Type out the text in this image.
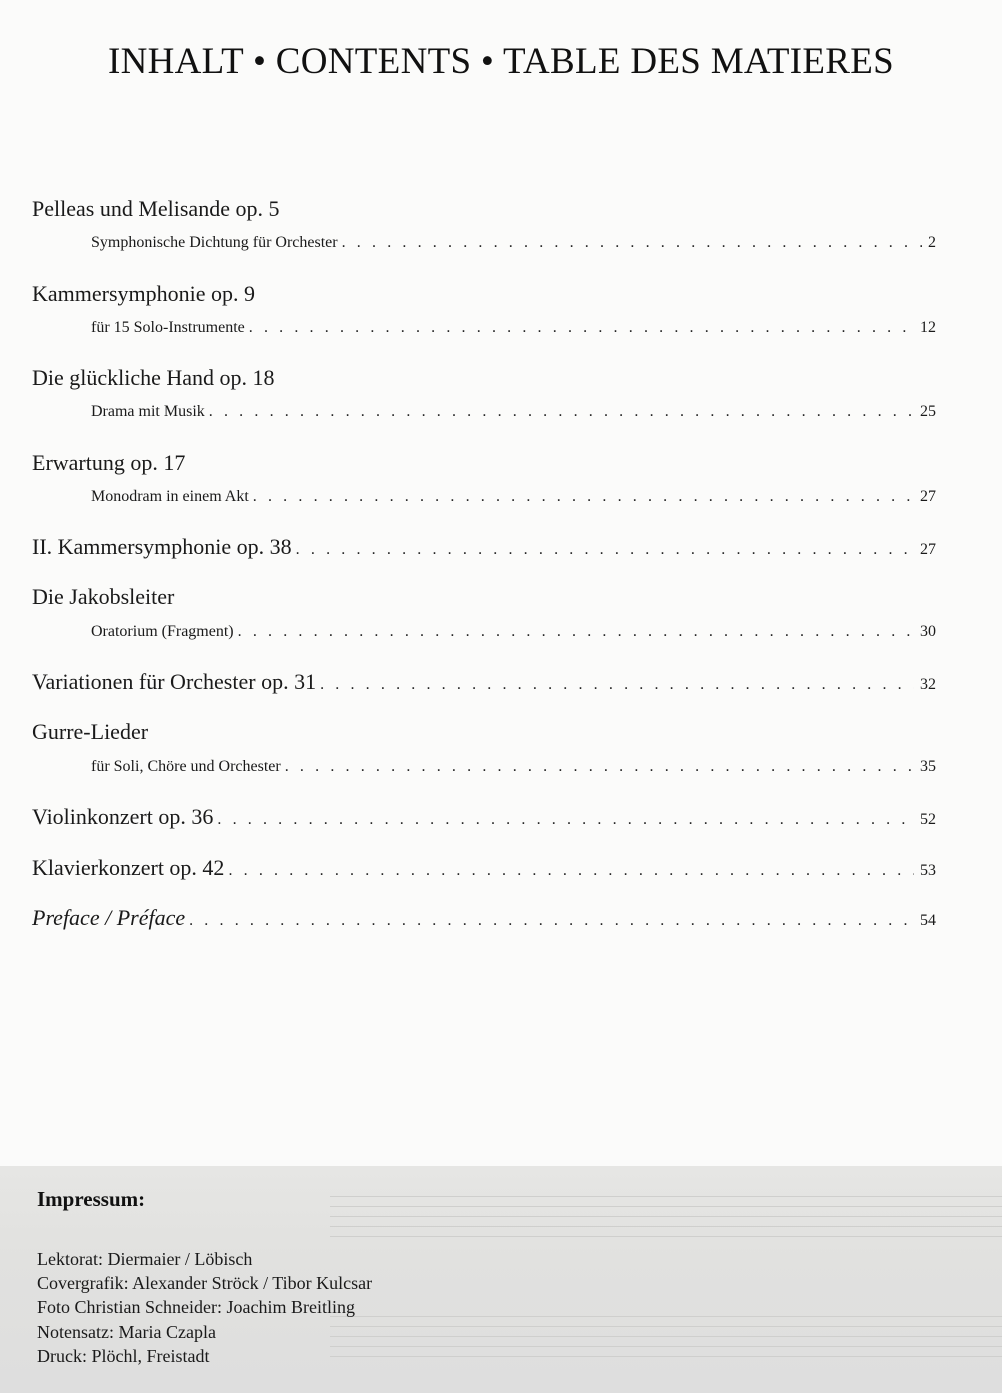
INHALT • CONTENTS • TABLE DES MATIERES
Pelleas und Melisande op. 5
Symphonische Dichtung für Orchester . . .	2
Kammersymphonie op. 9
für 15 Solo-Instrumente . . .	12
Die glückliche Hand op. 18
Drama mit Musik . . .	25
Erwartung op. 17
Monodram in einem Akt . . .	27
II. Kammersymphonie op. 38 . . .	27
Die Jakobsleiter
Oratorium (Fragment) . . .	30
Variationen für Orchester op. 31 . . .	32
Gurre-Lieder
für Soli, Chöre und Orchester . . .	35
Violinkonzert op. 36 . . .	52
Klavierkonzert op. 42 . . .	53
Preface / Préface . . .	54
Impressum:
Lektorat: Diermaier / Löbisch
Covergrafik: Alexander Ströck / Tibor Kulcsar
Foto Christian Schneider: Joachim Breitling
Notensatz: Maria Czapla
Druck: Plöchl, Freistadt
